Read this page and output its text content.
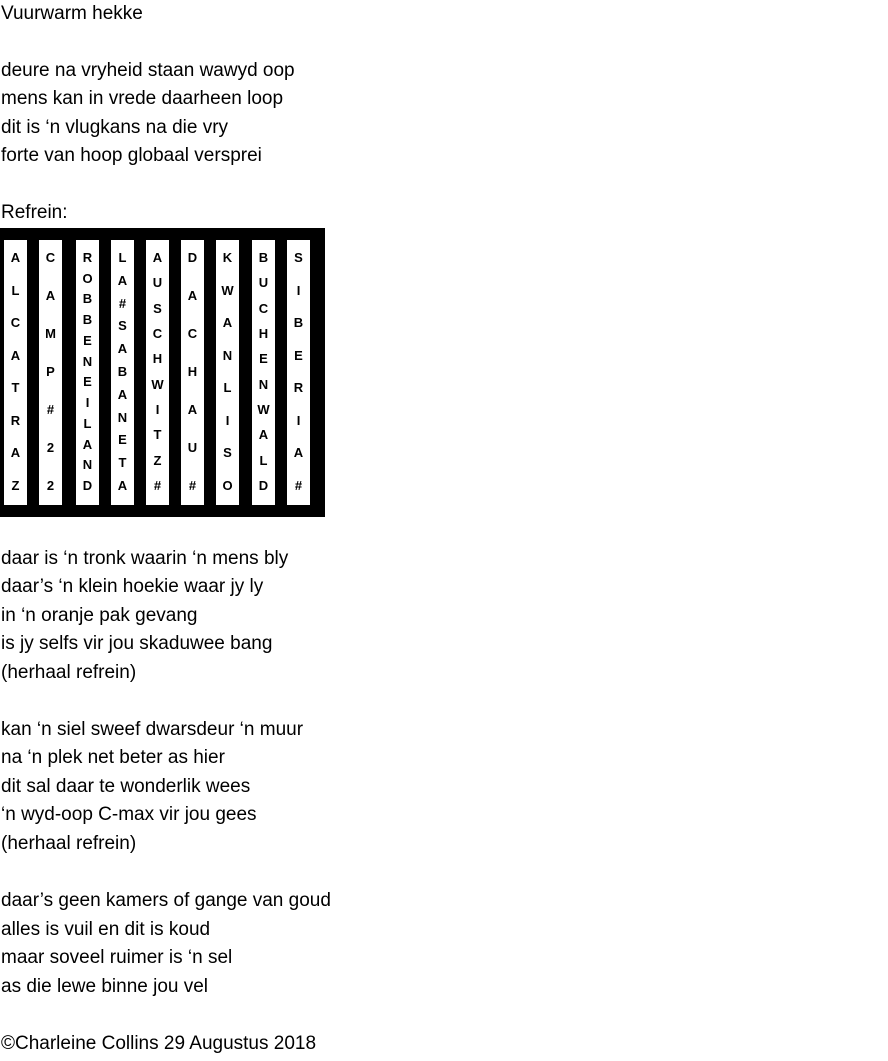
Vuurwarm hekke
deure na vryheid staan wawyd oop
mens kan in vrede daarheen loop
dit is ‘n vlugkans na die vry
forte van hoop globaal versprei
Refrein:
A
L
C
A
T
R
A
Z
C
A
M
P
#
2
2
R
O
B
B
E
N
E
I
L
A
N
D
L
A
#
S
A
B
A
N
E
T
A
A
U
S
C
H
W
I
T
Z
#
D
A
C
H
A
U
#
K
W
A
N
L
I
S
O
B
U
C
H
E
N
W
A
L
D
S
I
B
E
R
I
A
#
daar is ‘n tronk waarin ‘n mens bly
daar’s ‘n klein hoekie waar jy ly
in ‘n oranje pak gevang
is jy selfs vir jou skaduwee bang
(herhaal refrein)
kan ‘n siel sweef dwarsdeur ‘n muur
na ‘n plek net beter as hier
dit sal daar te wonderlik wees
‘n wyd-oop C-max vir jou gees
(herhaal refrein)
daar’s geen kamers of gange van goud
alles is vuil en dit is koud
maar soveel ruimer is ‘n sel
as die lewe binne jou vel
©Charleine Collins 29 Augustus 2018
